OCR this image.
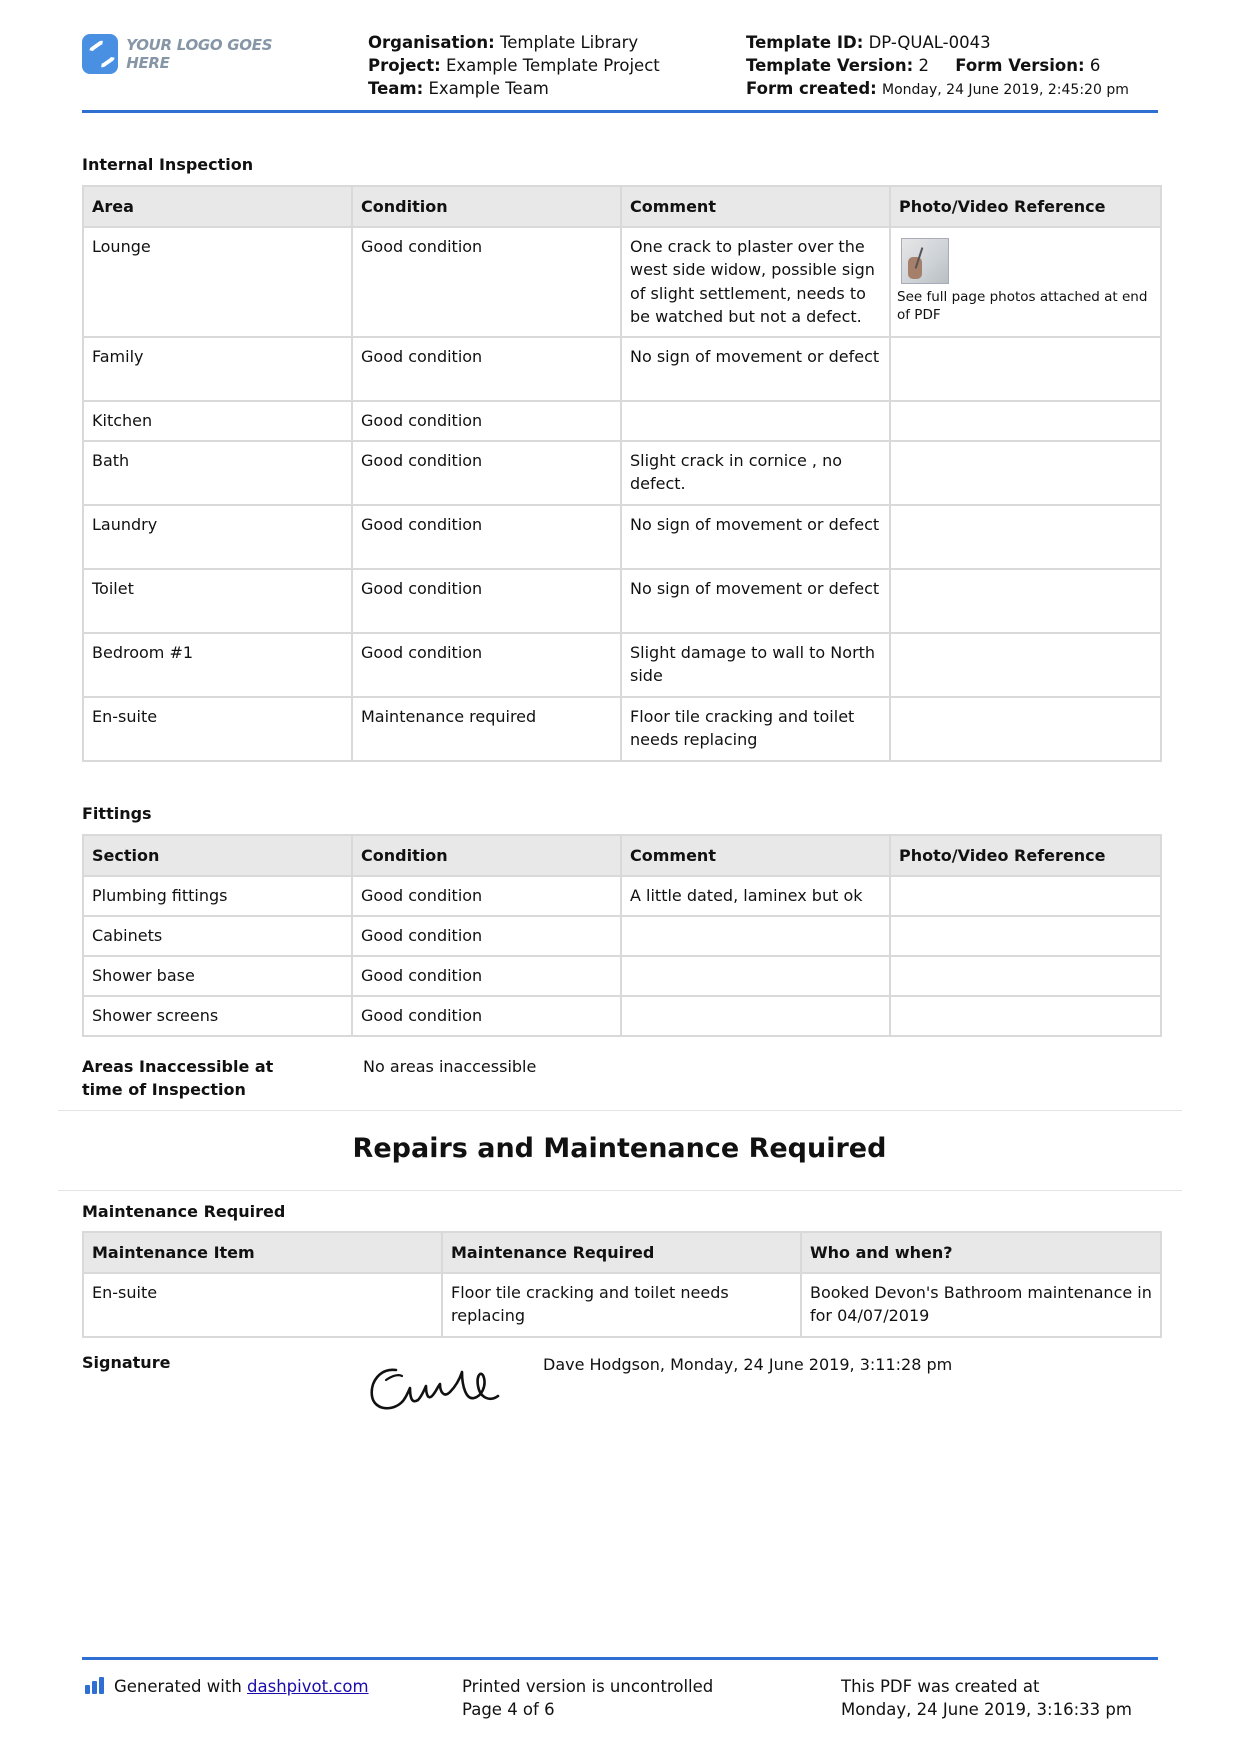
YOUR LOGO GOES HERE
Organisation: Template Library
Project: Example Template Project
Team: Example Team
Template ID: DP-QUAL-0043
Template Version: 2 Form Version: 6
Form created: Monday, 24 June 2019, 2:45:20 pm
Internal Inspection
Area	Condition	Comment	Photo/Video Reference
Lounge	Good condition	One crack to plaster over the west side widow, possible sign of slight settlement, needs to be watched but not a defect.	See full page photos attached at end of PDF

Family	Good condition	No sign of movement or defect	
Kitchen	Good condition		
Bath	Good condition	Slight crack in cornice , no defect.	
Laundry	Good condition	No sign of movement or defect	
Toilet	Good condition	No sign of movement or defect	
Bedroom #1	Good condition	Slight damage to wall to North side	
En-suite	Maintenance required	Floor tile cracking and toilet needs replacing	
Fittings
Section	Condition	Comment	Photo/Video Reference
Plumbing fittings	Good condition	A little dated, laminex but ok	
Cabinets	Good condition		
Shower base	Good condition		
Shower screens	Good condition		
Areas Inaccessible at time of Inspection
No areas inaccessible
Repairs and Maintenance Required
Maintenance Required
Maintenance Item	Maintenance Required	Who and when?
En-suite	Floor tile cracking and toilet needs replacing	Booked Devon's Bathroom maintenance in for 04/07/2019
Signature	Dave Hodgson, Monday, 24 June 2019, 3:11:28 pm
Generated with dashpivot.com	Printed version is uncontrolled
Page 4 of 6
This PDF was created at
Monday, 24 June 2019, 3:16:33 pm
